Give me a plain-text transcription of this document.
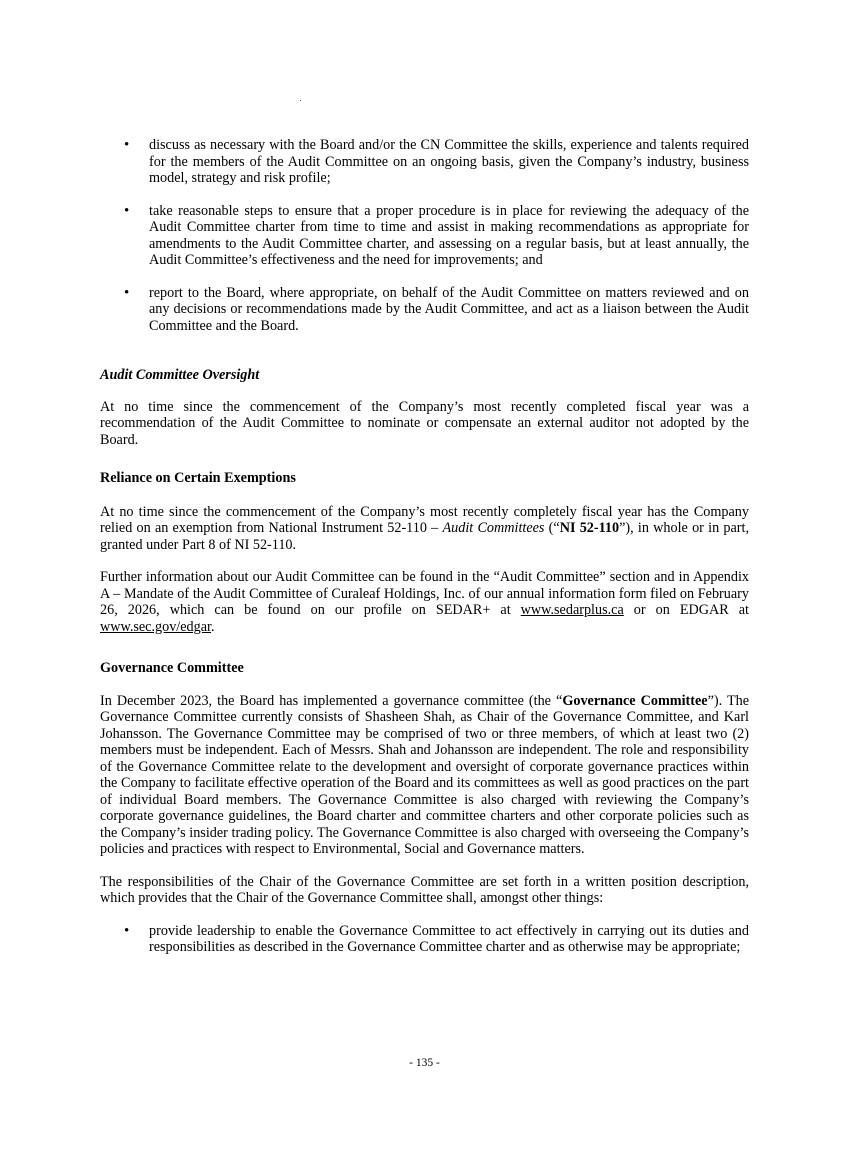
• discuss as necessary with the Board and/or the CN Committee the skills, experience and talents required for the members of the Audit Committee on an ongoing basis, given the Company’s industry, business model, strategy and risk profile;
• take reasonable steps to ensure that a proper procedure is in place for reviewing the adequacy of the Audit Committee charter from time to time and assist in making recommendations as appropriate for amendments to the Audit Committee charter, and assessing on a regular basis, but at least annually, the Audit Committee’s effectiveness and the need for improvements; and
• report to the Board, where appropriate, on behalf of the Audit Committee on matters reviewed and on any decisions or recommendations made by the Audit Committee, and act as a liaison between the Audit Committee and the Board.

Audit Committee Oversight

At no time since the commencement of the Company’s most recently completed fiscal year was a recommendation of the Audit Committee to nominate or compensate an external auditor not adopted by the Board.

Reliance on Certain Exemptions

At no time since the commencement of the Company’s most recently completely fiscal year has the Company relied on an exemption from National Instrument 52-110 – Audit Committees (“NI 52-110”), in whole or in part, granted under Part 8 of NI 52-110.

Further information about our Audit Committee can be found in the “Audit Committee” section and in Appendix A – Mandate of the Audit Committee of Curaleaf Holdings, Inc. of our annual information form filed on February 26, 2026, which can be found on our profile on SEDAR+ at www.sedarplus.ca or on EDGAR at www.sec.gov/edgar.

Governance Committee

In December 2023, the Board has implemented a governance committee (the “Governance Committee”). The Governance Committee currently consists of Shasheen Shah, as Chair of the Governance Committee, and Karl Johansson. The Governance Committee may be comprised of two or three members, of which at least two (2) members must be independent. Each of Messrs. Shah and Johansson are independent. The role and responsibility of the Governance Committee relate to the development and oversight of corporate governance practices within the Company to facilitate effective operation of the Board and its committees as well as good practices on the part of individual Board members. The Governance Committee is also charged with reviewing the Company’s corporate governance guidelines, the Board charter and committee charters and other corporate policies such as the Company’s insider trading policy. The Governance Committee is also charged with overseeing the Company’s policies and practices with respect to Environmental, Social and Governance matters.

The responsibilities of the Chair of the Governance Committee are set forth in a written position description, which provides that the Chair of the Governance Committee shall, amongst other things:

• provide leadership to enable the Governance Committee to act effectively in carrying out its duties and responsibilities as described in the Governance Committee charter and as otherwise may be appropriate;
- 135 -
